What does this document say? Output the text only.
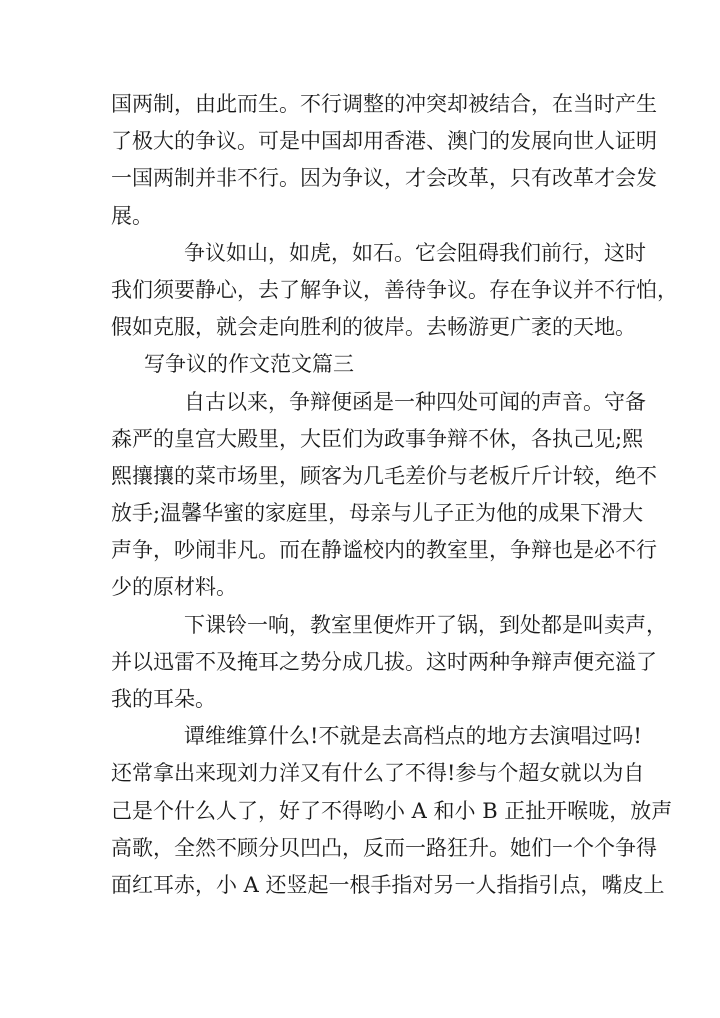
国两制，由此而生。不行调整的冲突却被结合，在当时产生
了极大的争议。可是中国却用香港、澳门的发展向世人证明
一国两制并非不行。因为争议，才会改革，只有改革才会发
展。
争议如山，如虎，如石。它会阻碍我们前行，这时
我们须要静心，去了解争议，善待争议。存在争议并不行怕，
假如克服，就会走向胜利的彼岸。去畅游更广袤的天地。
写争议的作文范文篇三
自古以来，争辩便函是一种四处可闻的声音。守备
森严的皇宫大殿里，大臣们为政事争辩不休，各执己见;熙
熙攘攘的菜市场里，顾客为几毛差价与老板斤斤计较，绝不
放手;温馨华蜜的家庭里，母亲与儿子正为他的成果下滑大
声争，吵闹非凡。而在静谧校内的教室里，争辩也是必不行
少的原材料。
下课铃一响，教室里便炸开了锅，到处都是叫卖声，
并以迅雷不及掩耳之势分成几拔。这时两种争辩声便充溢了
我的耳朵。
谭维维算什么!不就是去高档点的地方去演唱过吗!
还常拿出来现刘力洋又有什么了不得!参与个超女就以为自
己是个什么人了，好了不得哟小 A 和小 B 正扯开喉咙，放声
高歌，全然不顾分贝凹凸，反而一路狂升。她们一个个争得
面红耳赤，小 A 还竖起一根手指对另一人指指引点，嘴皮上
